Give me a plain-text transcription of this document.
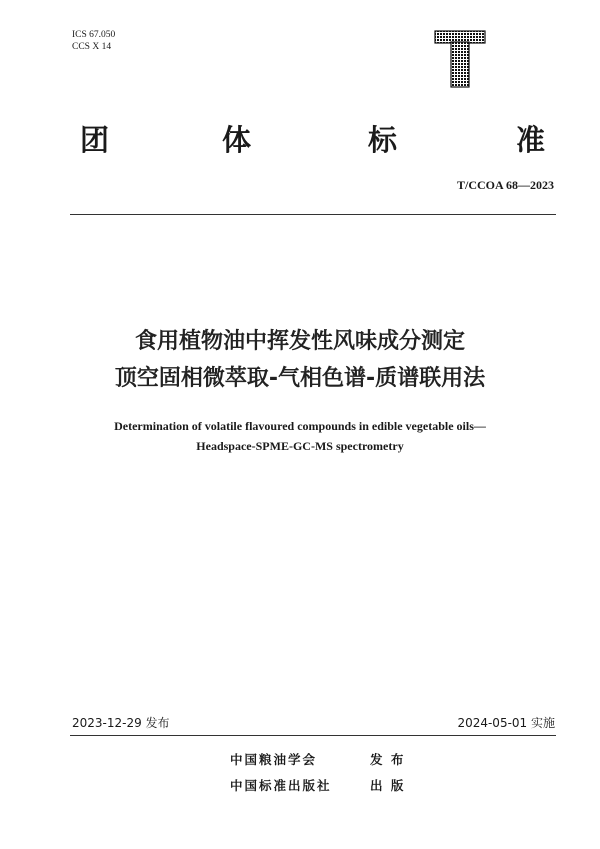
ICS 67.050
CCS X 14
团	体	标	准
T/CCOA 68—2023
食用植物油中挥发性风味成分测定
顶空固相微萃取-气相色谱-质谱联用法
Determination of volatile flavoured compounds in edible vegetable oils—
Headspace-SPME-GC-MS spectrometry
2023-12-29 发布	2024-05-01 实施
中国粮油学会	发 布
中国标准出版社	出 版
